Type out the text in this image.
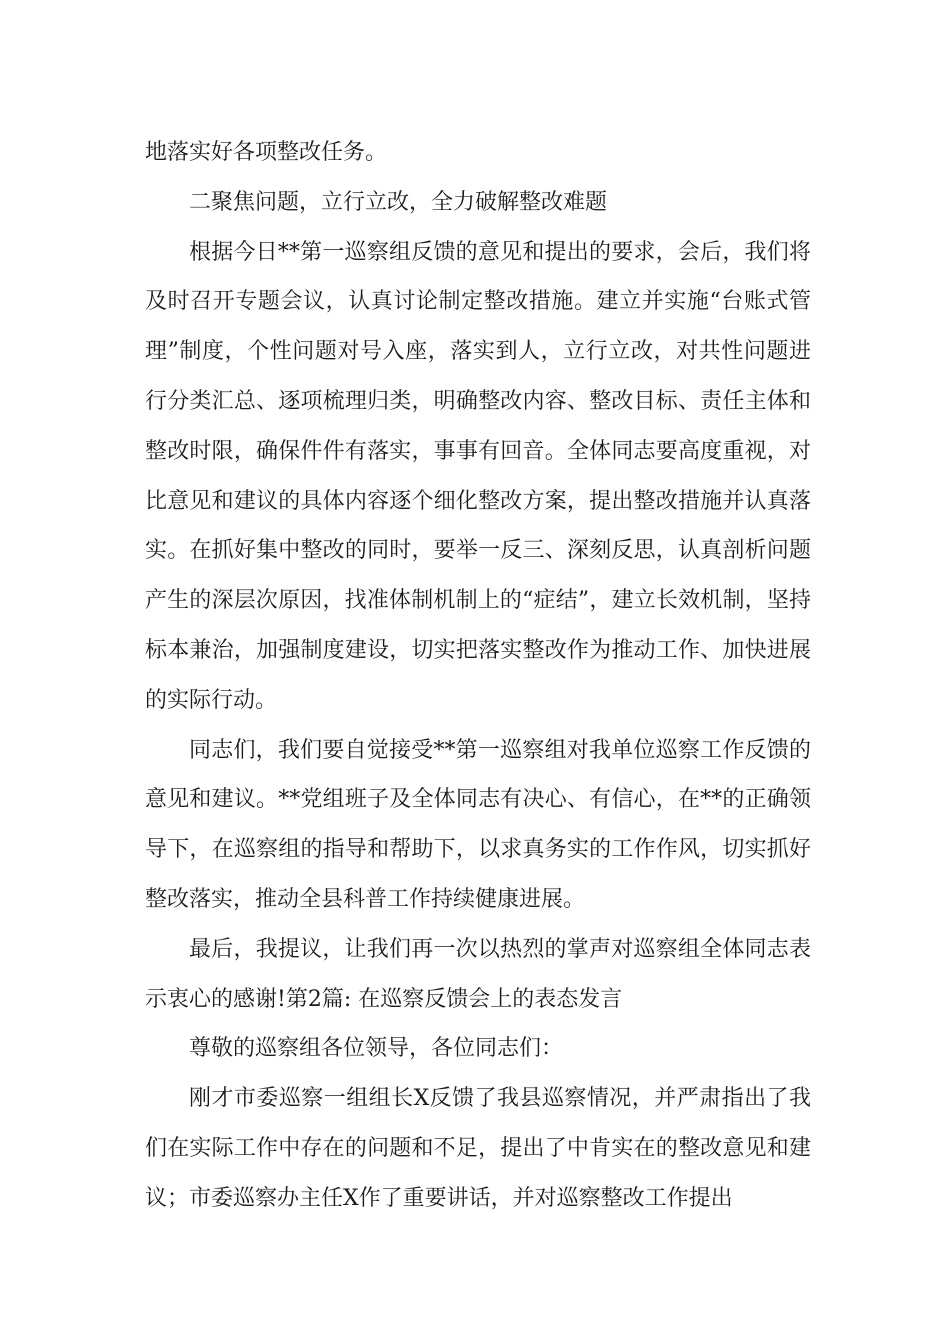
地落实好各项整改任务。

二聚焦问题，立行立改，全力破解整改难题

根据今日**第一巡察组反馈的意见和提出的要求，会后，我们将及时召开专题会议，认真讨论制定整改措施。建立并实施“台账式管理”制度，个性问题对号入座，落实到人，立行立改，对共性问题进行分类汇总、逐项梳理归类，明确整改内容、整改目标、责任主体和整改时限，确保件件有落实，事事有回音。全体同志要高度重视，对比意见和建议的具体内容逐个细化整改方案，提出整改措施并认真落实。在抓好集中整改的同时，要举一反三、深刻反思，认真剖析问题产生的深层次原因，找准体制机制上的“症结”，建立长效机制，坚持标本兼治，加强制度建设，切实把落实整改作为推动工作、加快进展的实际行动。

同志们，我们要自觉接受**第一巡察组对我单位巡察工作反馈的意见和建议。**党组班子及全体同志有决心、有信心，在**的正确领导下，在巡察组的指导和帮助下，以求真务实的工作作风，切实抓好整改落实，推动全县科普工作持续健康进展。

最后，我提议，让我们再一次以热烈的掌声对巡察组全体同志表示衷心的感谢!第2篇: 在巡察反馈会上的表态发言

尊敬的巡察组各位领导，各位同志们：

刚才市委巡察一组组长X反馈了我县巡察情况，并严肃指出了我们在实际工作中存在的问题和不足，提出了中肯实在的整改意见和建议；市委巡察办主任X作了重要讲话，并对巡察整改工作提出
